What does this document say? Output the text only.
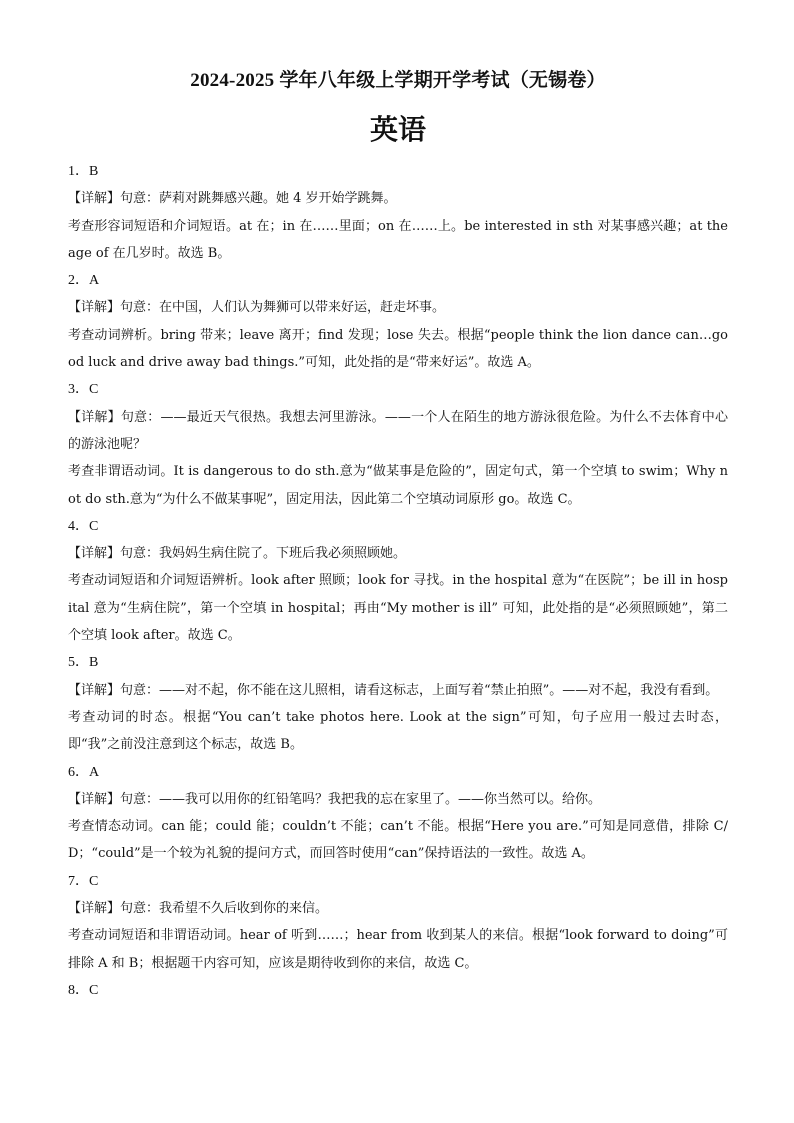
2024-2025 学年八年级上学期开学考试（无锡卷）
英语
1．B
【详解】句意：萨莉对跳舞感兴趣。她 4 岁开始学跳舞。
考查形容词短语和介词短语。at 在；in 在……里面；on 在……上。be interested in sth 对某事感兴趣；at the age of 在几岁时。故选 B。
2．A
【详解】句意：在中国，人们认为舞狮可以带来好运，赶走坏事。
考查动词辨析。bring 带来；leave 离开；find 发现；lose 失去。根据“people think the lion dance can…good luck and drive away bad things.”可知，此处指的是“带来好运”。故选 A。
3．C
【详解】句意：——最近天气很热。我想去河里游泳。——一个人在陌生的地方游泳很危险。为什么不去体育中心的游泳池呢？
考查非谓语动词。It is dangerous to do sth.意为“做某事是危险的”，固定句式，第一个空填 to swim；Why not do sth.意为“为什么不做某事呢”，固定用法，因此第二个空填动词原形 go。故选 C。
4．C
【详解】句意：我妈妈生病住院了。下班后我必须照顾她。
考查动词短语和介词短语辨析。look after 照顾；look for 寻找。in the hospital 意为“在医院”；be ill in hospital 意为“生病住院”，第一个空填 in hospital；再由“My mother is ill” 可知，此处指的是“必须照顾她”，第二个空填 look after。故选 C。
5．B
【详解】句意：——对不起，你不能在这儿照相，请看这标志，上面写着“禁止拍照”。——对不起，我没有看到。
考查动词的时态。根据“You can’t take photos here. Look at the sign”可知，句子应用一般过去时态，即“我”之前没注意到这个标志，故选 B。
6．A
【详解】句意：——我可以用你的红铅笔吗？我把我的忘在家里了。——你当然可以。给你。
考查情态动词。can 能；could 能；couldn’t 不能；can’t 不能。根据“Here you are.”可知是同意借，排除 C/D；“could”是一个较为礼貌的提问方式，而回答时使用“can”保持语法的一致性。故选 A。
7．C
【详解】句意：我希望不久后收到你的来信。
考查动词短语和非谓语动词。hear of 听到……；hear from 收到某人的来信。根据“look forward to doing”可排除 A 和 B；根据题干内容可知，应该是期待收到你的来信，故选 C。
8．C
